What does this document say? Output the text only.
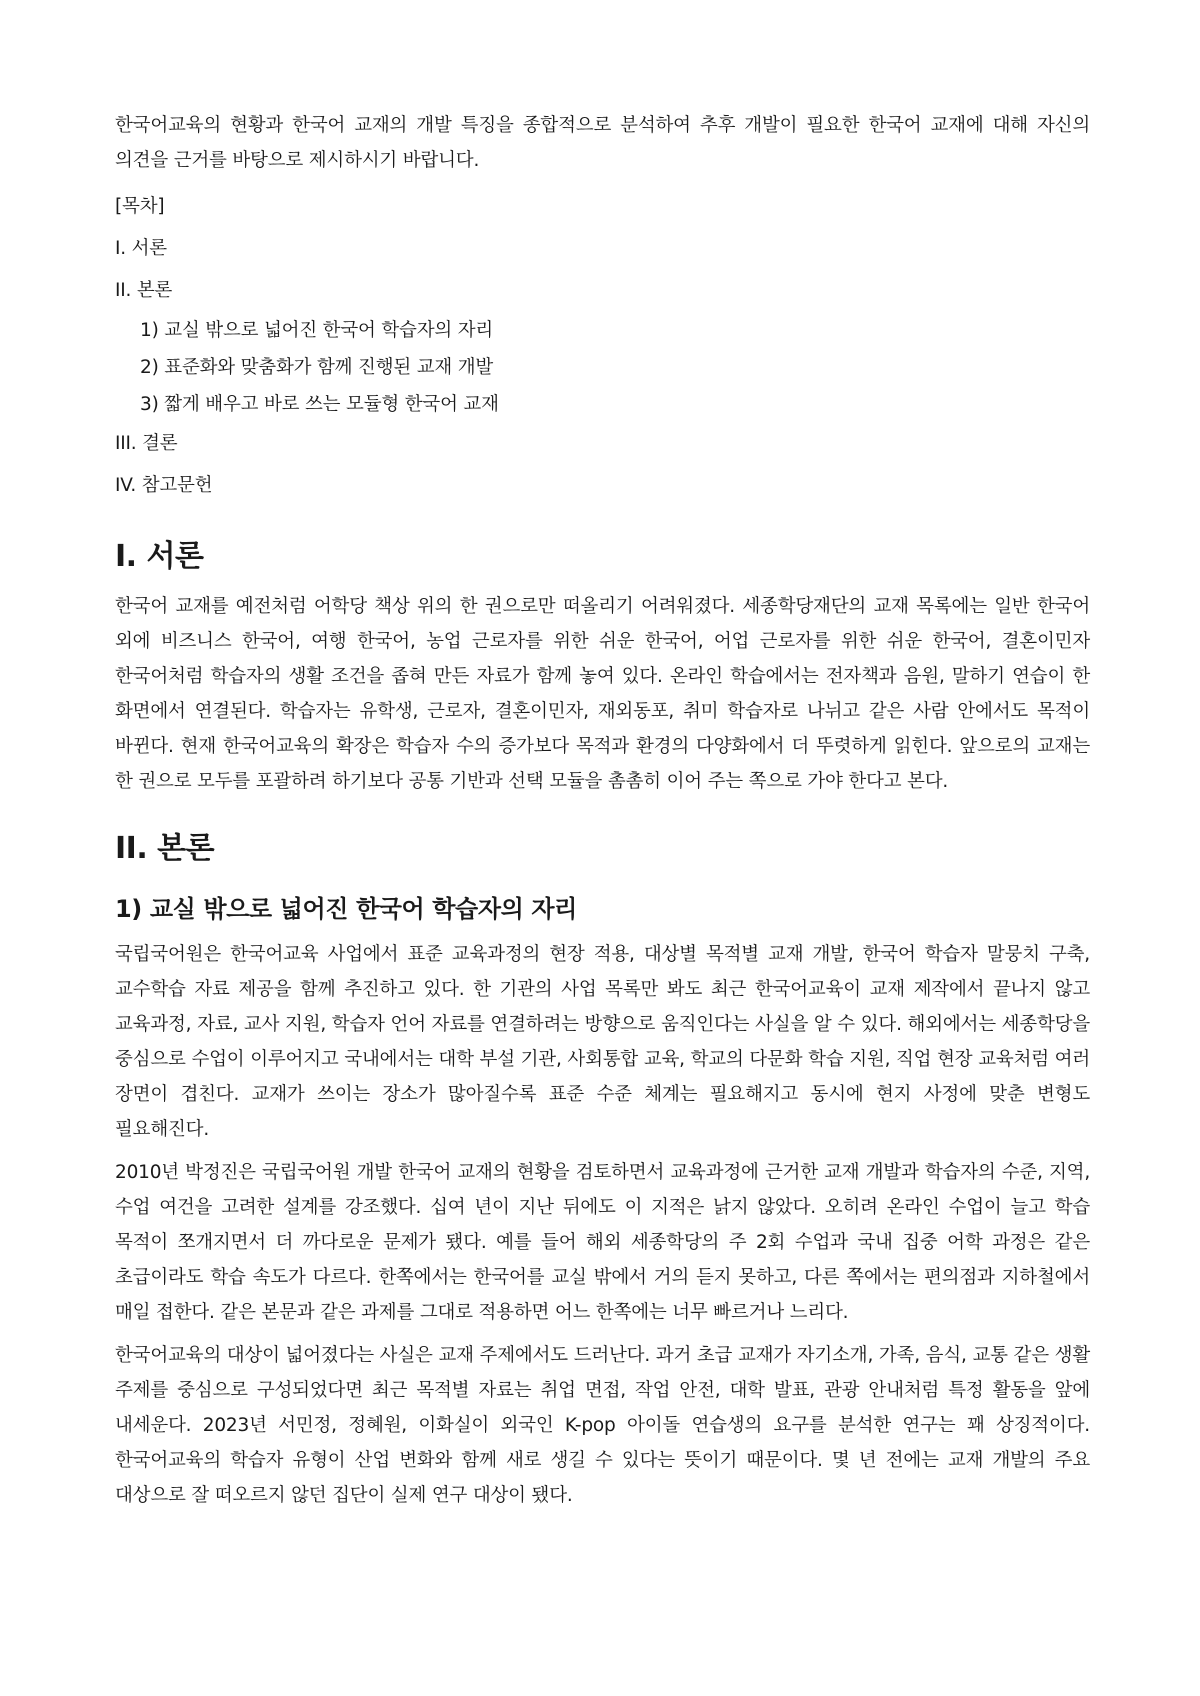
한국어교육의 현황과 한국어 교재의 개발 특징을 종합적으로 분석하여 추후 개발이 필요한 한국어 교재에 대해 자신의 의견을 근거를 바탕으로 제시하시기 바랍니다.

[목차]

I. 서론

II. 본론

1) 교실 밖으로 넓어진 한국어 학습자의 자리

2) 표준화와 맞춤화가 함께 진행된 교재 개발

3) 짧게 배우고 바로 쓰는 모듈형 한국어 교재

III. 결론

IV. 참고문헌

I. 서론

한국어 교재를 예전처럼 어학당 책상 위의 한 권으로만 떠올리기 어려워졌다. 세종학당재단의 교재 목록에는 일반 한국어 외에 비즈니스 한국어, 여행 한국어, 농업 근로자를 위한 쉬운 한국어, 어업 근로자를 위한 쉬운 한국어, 결혼이민자 한국어처럼 학습자의 생활 조건을 좁혀 만든 자료가 함께 놓여 있다. 온라인 학습에서는 전자책과 음원, 말하기 연습이 한 화면에서 연결된다. 학습자는 유학생, 근로자, 결혼이민자, 재외동포, 취미 학습자로 나뉘고 같은 사람 안에서도 목적이 바뀐다. 현재 한국어교육의 확장은 학습자 수의 증가보다 목적과 환경의 다양화에서 더 뚜렷하게 읽힌다. 앞으로의 교재는 한 권으로 모두를 포괄하려 하기보다 공통 기반과 선택 모듈을 촘촘히 이어 주는 쪽으로 가야 한다고 본다.

II. 본론
1) 교실 밖으로 넓어진 한국어 학습자의 자리

국립국어원은 한국어교육 사업에서 표준 교육과정의 현장 적용, 대상별 목적별 교재 개발, 한국어 학습자 말뭉치 구축, 교수학습 자료 제공을 함께 추진하고 있다. 한 기관의 사업 목록만 봐도 최근 한국어교육이 교재 제작에서 끝나지 않고 교육과정, 자료, 교사 지원, 학습자 언어 자료를 연결하려는 방향으로 움직인다는 사실을 알 수 있다. 해외에서는 세종학당을 중심으로 수업이 이루어지고 국내에서는 대학 부설 기관, 사회통합 교육, 학교의 다문화 학습 지원, 직업 현장 교육처럼 여러 장면이 겹친다. 교재가 쓰이는 장소가 많아질수록 표준 수준 체계는 필요해지고 동시에 현지 사정에 맞춘 변형도 필요해진다.

2010년 박정진은 국립국어원 개발 한국어 교재의 현황을 검토하면서 교육과정에 근거한 교재 개발과 학습자의 수준, 지역, 수업 여건을 고려한 설계를 강조했다. 십여 년이 지난 뒤에도 이 지적은 낡지 않았다. 오히려 온라인 수업이 늘고 학습 목적이 쪼개지면서 더 까다로운 문제가 됐다. 예를 들어 해외 세종학당의 주 2회 수업과 국내 집중 어학 과정은 같은 초급이라도 학습 속도가 다르다. 한쪽에서는 한국어를 교실 밖에서 거의 듣지 못하고, 다른 쪽에서는 편의점과 지하철에서 매일 접한다. 같은 본문과 같은 과제를 그대로 적용하면 어느 한쪽에는 너무 빠르거나 느리다.

한국어교육의 대상이 넓어졌다는 사실은 교재 주제에서도 드러난다. 과거 초급 교재가 자기소개, 가족, 음식, 교통 같은 생활 주제를 중심으로 구성되었다면 최근 목적별 자료는 취업 면접, 작업 안전, 대학 발표, 관광 안내처럼 특정 활동을 앞에 내세운다. 2023년 서민정, 정혜원, 이화실이 외국인 K-pop 아이돌 연습생의 요구를 분석한 연구는 꽤 상징적이다. 한국어교육의 학습자 유형이 산업 변화와 함께 새로 생길 수 있다는 뜻이기 때문이다. 몇 년 전에는 교재 개발의 주요 대상으로 잘 떠오르지 않던 집단이 실제 연구 대상이 됐다.
